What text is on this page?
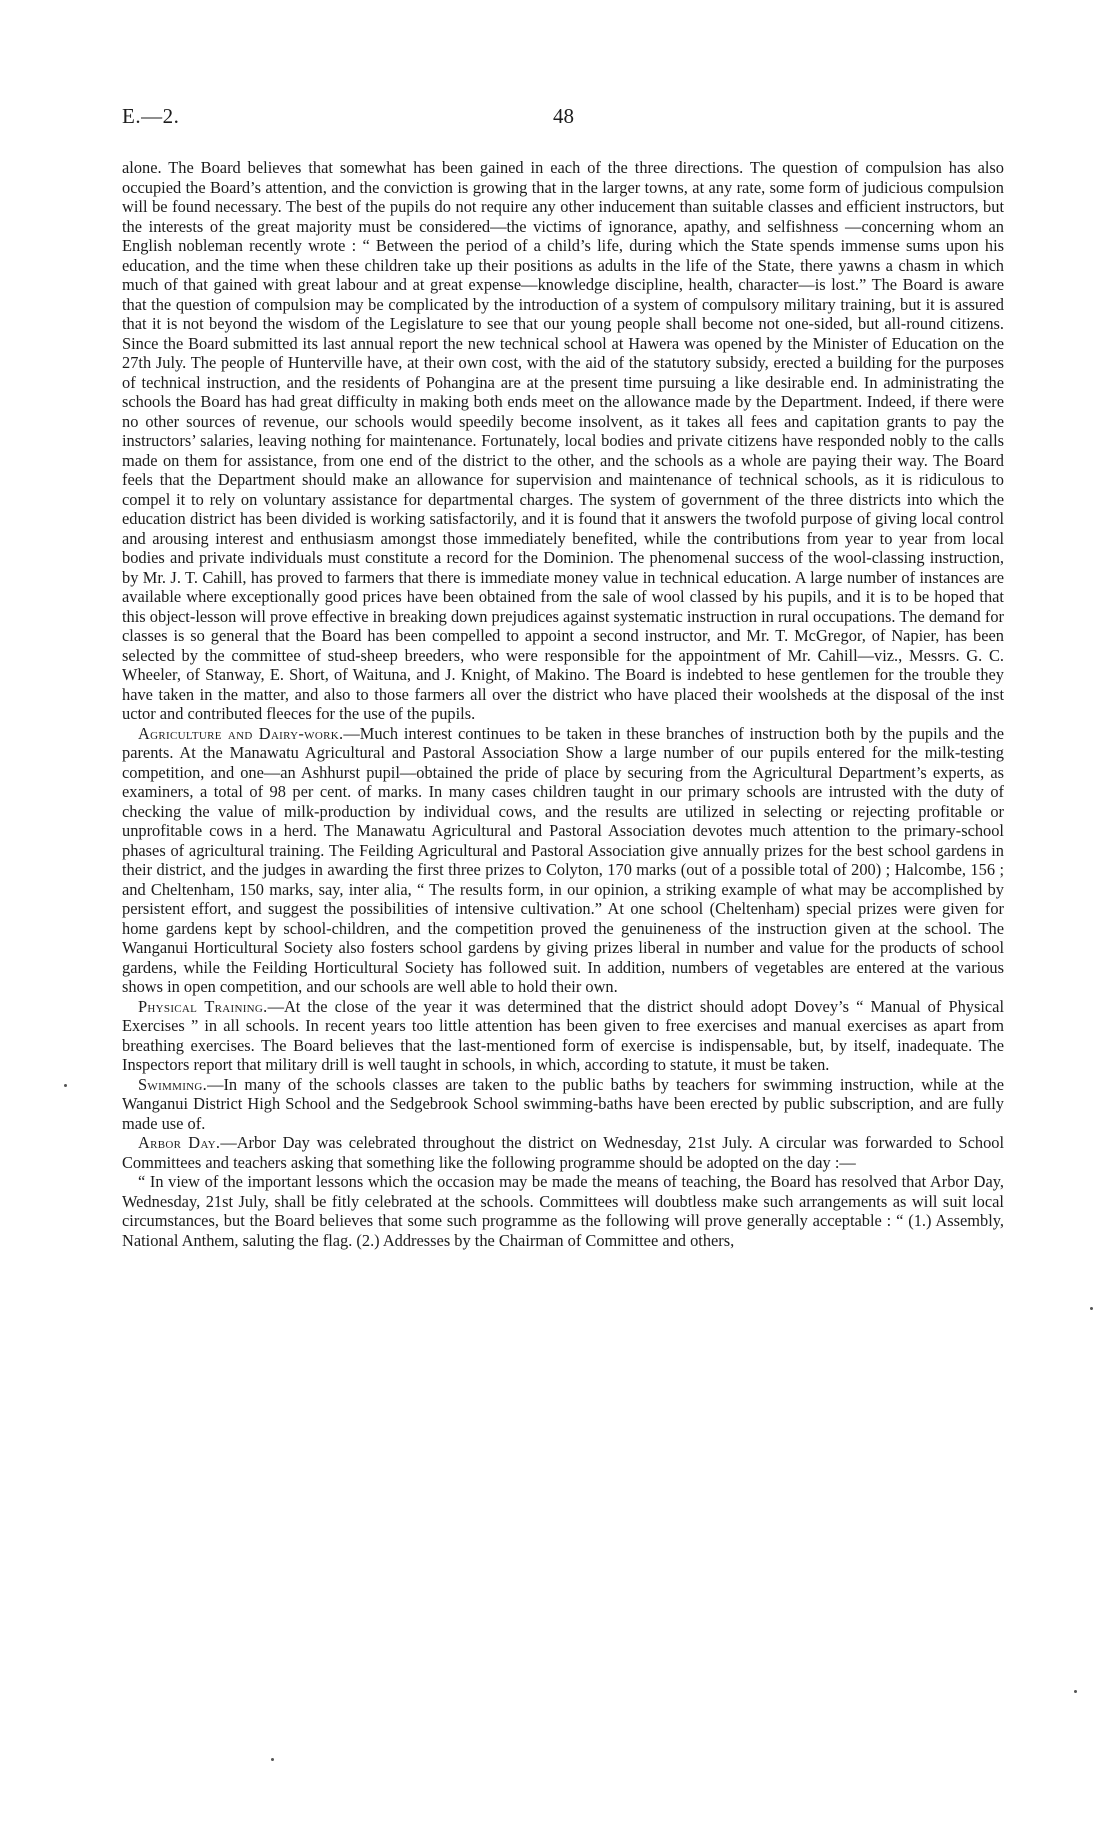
E.—2.	48

alone. The Board believes that somewhat has been gained in each of the three directions. The question of compulsion has also occupied the Board’s attention, and the conviction is growing that in the larger towns, at any rate, some form of judicious compulsion will be found necessary. The best of the pupils do not require any other inducement than suitable classes and efficient instructors, but the interests of the great majority must be considered—the victims of ignorance, apathy, and selfishness —concerning whom an English nobleman recently wrote : “ Between the period of a child’s life, during which the State spends immense sums upon his education, and the time when these children take up their positions as adults in the life of the State, there yawns a chasm in which much of that gained with great labour and at great expense—knowledge discipline, health, character—is lost.” The Board is aware that the question of compulsion may be complicated by the introduction of a system of compulsory military training, but it is assured that it is not beyond the wisdom of the Legislature to see that our young people shall become not one-sided, but all-round citizens. Since the Board submitted its last annual report the new technical school at Hawera was opened by the Minister of Education on the 27th July. The people of Hunterville have, at their own cost, with the aid of the statutory subsidy, erected a building for the purposes of technical instruction, and the residents of Pohangina are at the present time pursuing a like desirable end. In administrating the schools the Board has had great difficulty in making both ends meet on the allowance made by the Department. Indeed, if there were no other sources of revenue, our schools would speedily become insolvent, as it takes all fees and capitation grants to pay the instructors’ salaries, leaving nothing for maintenance. Fortunately, local bodies and private citizens have responded nobly to the calls made on them for assistance, from one end of the district to the other, and the schools as a whole are paying their way. The Board feels that the Department should make an allowance for supervision and maintenance of technical schools, as it is ridiculous to compel it to rely on voluntary assistance for departmental charges. The system of government of the three districts into which the education district has been divided is working satisfactorily, and it is found that it answers the twofold purpose of giving local control and arousing interest and enthusiasm amongst those immediately benefited, while the contributions from year to year from local bodies and private individuals must constitute a record for the Dominion. The phenomenal success of the wool-classing instruction, by Mr. J. T. Cahill, has proved to farmers that there is immediate money value in technical education. A large number of instances are available where exceptionally good prices have been obtained from the sale of wool classed by his pupils, and it is to be hoped that this object-lesson will prove effective in breaking down prejudices against systematic instruction in rural occupations. The demand for classes is so general that the Board has been compelled to appoint a second instructor, and Mr. T. McGregor, of Napier, has been selected by the committee of stud-sheep breeders, who were responsible for the appointment of Mr. Cahill—viz., Messrs. G. C. Wheeler, of Stanway, E. Short, of Waituna, and J. Knight, of Makino. The Board is indebted to hese gentlemen for the trouble they have taken in the matter, and also to those farmers all over the district who have placed their woolsheds at the disposal of the inst uctor and contributed fleeces for the use of the pupils.

Agriculture and Dairy-work.—Much interest continues to be taken in these branches of instruction both by the pupils and the parents. At the Manawatu Agricultural and Pastoral Association Show a large number of our pupils entered for the milk-testing competition, and one—an Ashhurst pupil—obtained the pride of place by securing from the Agricultural Department’s experts, as examiners, a total of 98 per cent. of marks. In many cases children taught in our primary schools are intrusted with the duty of checking the value of milk-production by individual cows, and the results are utilized in selecting or rejecting profitable or unprofitable cows in a herd. The Manawatu Agricultural and Pastoral Association devotes much attention to the primary-school phases of agricultural training. The Feilding Agricultural and Pastoral Association give annually prizes for the best school gardens in their district, and the judges in awarding the first three prizes to Colyton, 170 marks (out of a possible total of 200) ; Halcombe, 156 ; and Cheltenham, 150 marks, say, inter alia, “ The results form, in our opinion, a striking example of what may be accomplished by persistent effort, and suggest the possibilities of intensive cultivation.” At one school (Cheltenham) special prizes were given for home gardens kept by school-children, and the competition proved the genuineness of the instruction given at the school. The Wanganui Horticultural Society also fosters school gardens by giving prizes liberal in number and value for the products of school gardens, while the Feilding Horticultural Society has followed suit. In addition, numbers of vegetables are entered at the various shows in open competition, and our schools are well able to hold their own.

Physical Training.—At the close of the year it was determined that the district should adopt Dovey’s “ Manual of Physical Exercises ” in all schools. In recent years too little attention has been given to free exercises and manual exercises as apart from breathing exercises. The Board believes that the last-mentioned form of exercise is indispensable, but, by itself, inadequate. The Inspectors report that military drill is well taught in schools, in which, according to statute, it must be taken.

Swimming.—In many of the schools classes are taken to the public baths by teachers for swimming instruction, while at the Wanganui District High School and the Sedgebrook School swimming-baths have been erected by public subscription, and are fully made use of.

Arbor Day.—Arbor Day was celebrated throughout the district on Wednesday, 21st July. A circular was forwarded to School Committees and teachers asking that something like the following programme should be adopted on the day :—

“ In view of the important lessons which the occasion may be made the means of teaching, the Board has resolved that Arbor Day, Wednesday, 21st July, shall be fitly celebrated at the schools. Committees will doubtless make such arrangements as will suit local circumstances, but the Board believes that some such programme as the following will prove generally acceptable : “ (1.) Assembly, National Anthem, saluting the flag. (2.) Addresses by the Chairman of Committee and others,
